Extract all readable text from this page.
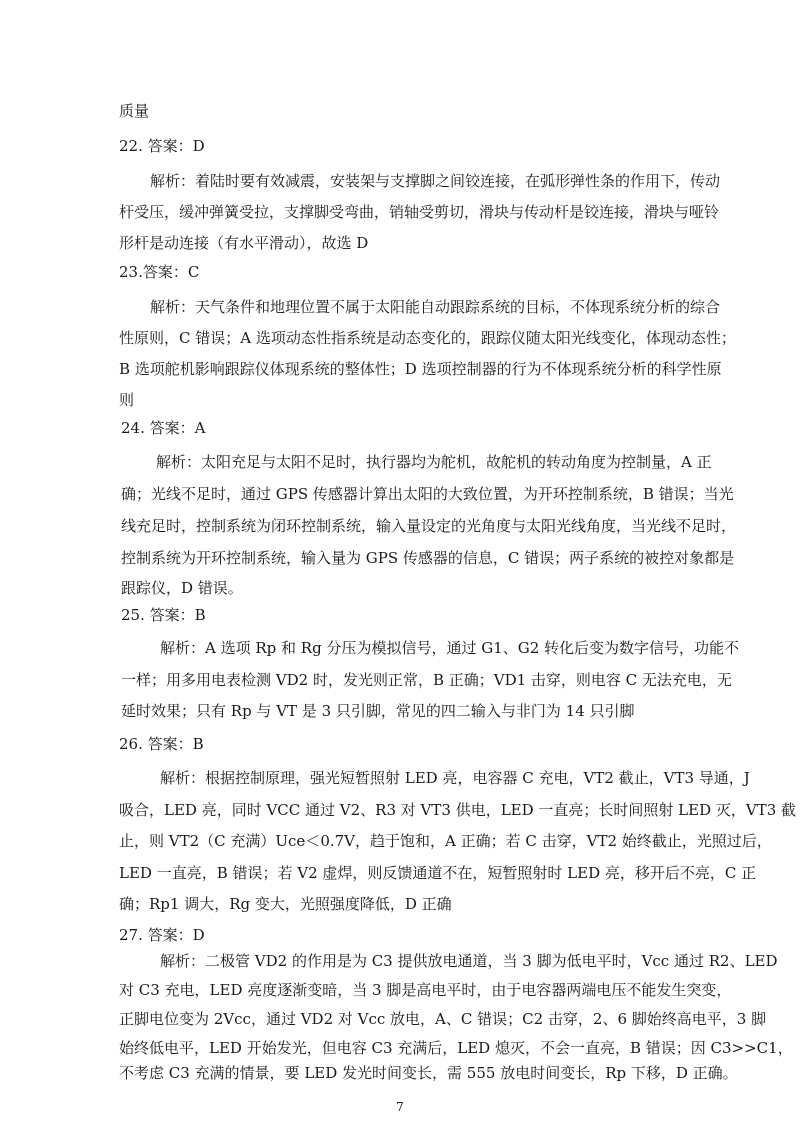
质量
22. 答案：D
解析：着陆时要有效减震，安装架与支撑脚之间铰连接，在弧形弹性条的作用下，传动
杆受压，缓冲弹簧受拉，支撑脚受弯曲，销轴受剪切，滑块与传动杆是铰连接，滑块与哑铃
形杆是动连接（有水平滑动），故选 D
23.答案：C
解析：天气条件和地理位置不属于太阳能自动跟踪系统的目标，不体现系统分析的综合
性原则，C 错误；A 选项动态性指系统是动态变化的，跟踪仪随太阳光线变化，体现动态性；
B 选项舵机影响跟踪仪体现系统的整体性；D 选项控制器的行为不体现系统分析的科学性原
则
24. 答案：A
解析：太阳充足与太阳不足时，执行器均为舵机，故舵机的转动角度为控制量，A 正
确；光线不足时，通过 GPS 传感器计算出太阳的大致位置，为开环控制系统，B 错误；当光
线充足时，控制系统为闭环控制系统，输入量设定的光角度与太阳光线角度，当光线不足时，
控制系统为开环控制系统，输入量为 GPS 传感器的信息，C 错误；两子系统的被控对象都是
跟踪仪，D 错误。
25. 答案：B
解析：A 选项 Rp 和 Rg 分压为模拟信号，通过 G1、G2 转化后变为数字信号，功能不
一样；用多用电表检测 VD2 时，发光则正常，B 正确；VD1 击穿，则电容 C 无法充电，无
延时效果；只有 Rp 与 VT 是 3 只引脚，常见的四二输入与非门为 14 只引脚
26. 答案：B
解析：根据控制原理，强光短暂照射 LED 亮，电容器 C 充电，VT2 截止，VT3 导通，J
吸合，LED 亮，同时 VCC 通过 V2、R3 对 VT3 供电，LED 一直亮；长时间照射 LED 灭，VT3 截
止，则 VT2（C 充满）Uce＜0.7V，趋于饱和，A 正确；若 C 击穿，VT2 始终截止，光照过后，
LED 一直亮，B 错误；若 V2 虚焊，则反馈通道不在，短暂照射时 LED 亮，移开后不亮，C 正
确；Rp1 调大，Rg 变大，光照强度降低，D 正确
27. 答案：D
解析：二极管 VD2 的作用是为 C3 提供放电通道，当 3 脚为低电平时，Vcc 通过 R2、LED
对 C3 充电，LED 亮度逐渐变暗，当 3 脚是高电平时，由于电容器两端电压不能发生突变，
正脚电位变为 2Vcc，通过 VD2 对 Vcc 放电，A、C 错误；C2 击穿，2、6 脚始终高电平，3 脚
始终低电平，LED 开始发光，但电容 C3 充满后，LED 熄灭，不会一直亮，B 错误；因 C3>>C1，
7
不考虑 C3 充满的情景，要 LED 发光时间变长，需 555 放电时间变长，Rp 下移，D 正确。
